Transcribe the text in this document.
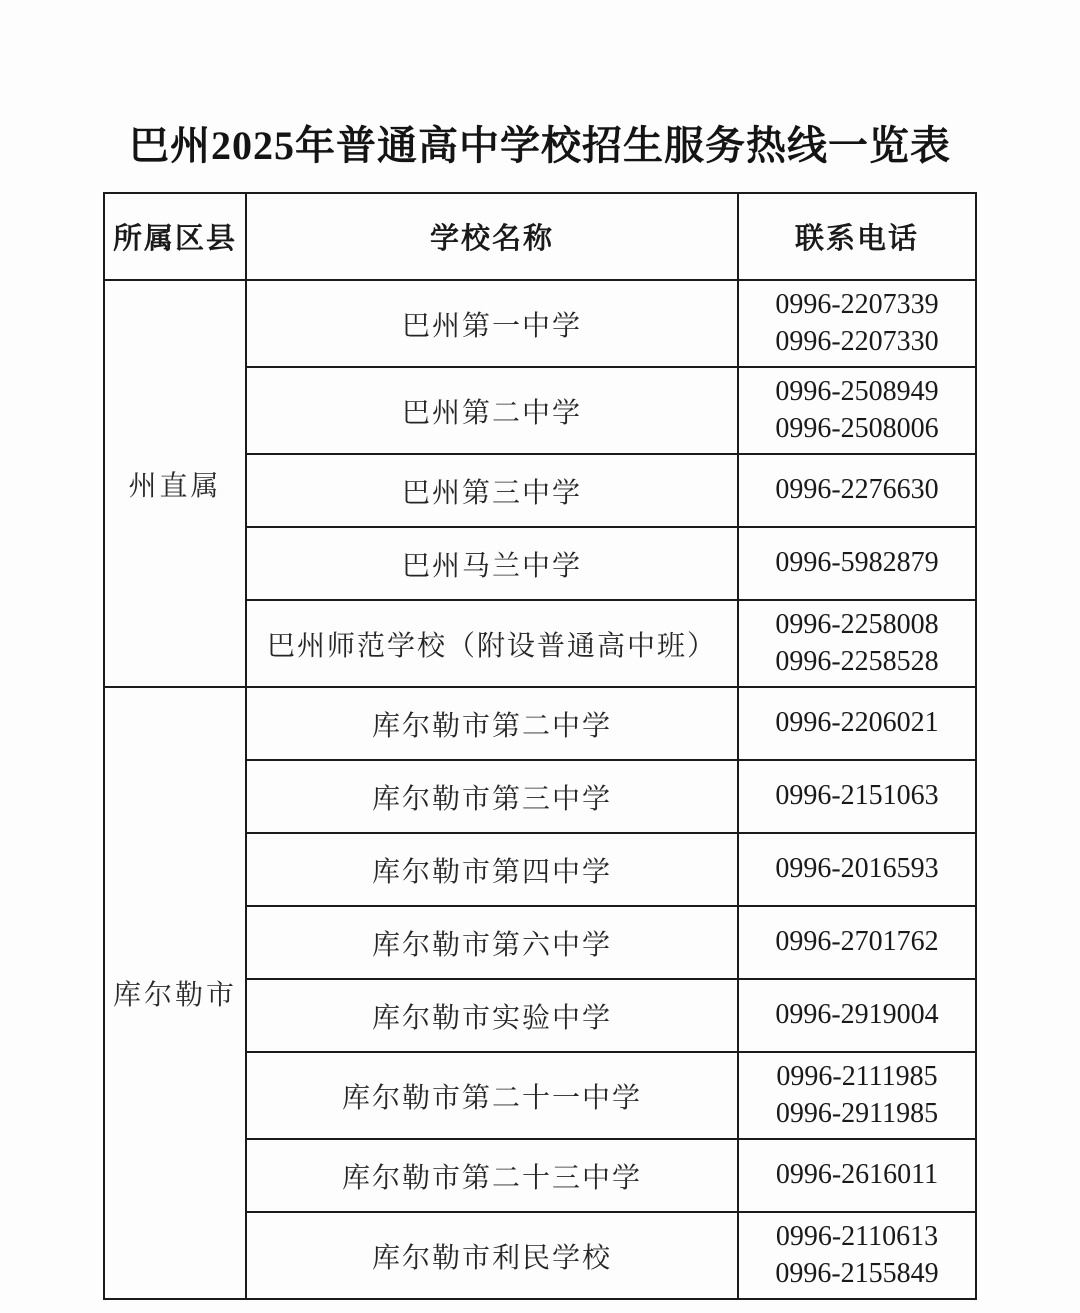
巴州2025年普通高中学校招生服务热线一览表
所属区县	学校名称	联系电话
州直属	巴州第一中学	0996-2207339
0996-2207330

	巴州第二中学	0996-2508949
0996-2508006

	巴州第三中学	0996-2276630

	巴州马兰中学	0996-5982879

	巴州师范学校（附设普通高中班）	0996-2258008
0996-2258528

库尔勒市	库尔勒市第二中学	0996-2206021

	库尔勒市第三中学	0996-2151063

	库尔勒市第四中学	0996-2016593

	库尔勒市第六中学	0996-2701762

	库尔勒市实验中学	0996-2919004

	库尔勒市第二十一中学	0996-2111985
0996-2911985

	库尔勒市第二十三中学	0996-2616011

	库尔勒市利民学校	0996-2110613
0996-2155849
